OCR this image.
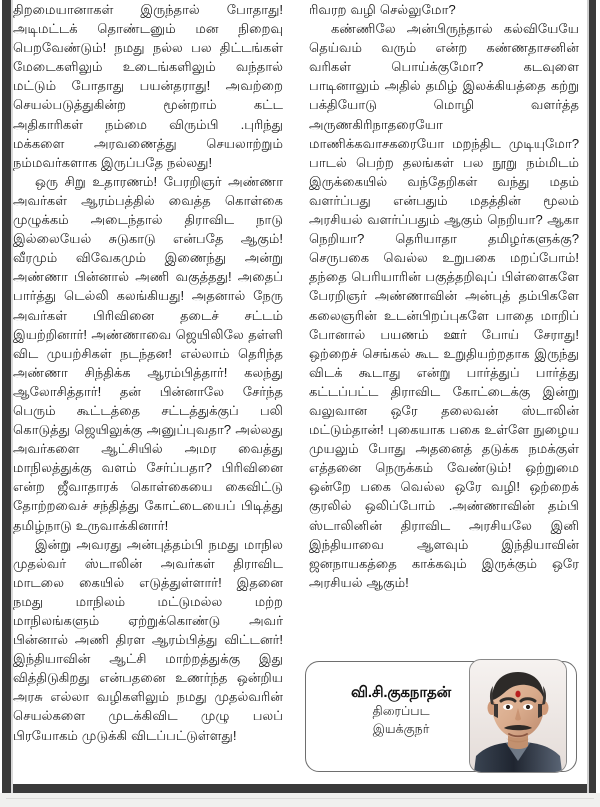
திறமையானாகள் இருந்தால் போதாது! அடிமட்டக் தொண்டனும் மன நிறைவு பெறவேண்டும்! நமது நல்ல பல திட்டங்கள் மேடைகளிலும் உடைங்களிலும் வந்தால் மட்டும் போதாது பயன்தராது! அவற்றை செயல்படுத்துகின்ற மூன்றாம் கட்ட அதிகாரிகள் நம்மை விரும்பி .புரிந்து மக்களை அரவணைத்து செயலாற்றும் நம்மவர்களாக இருப்பதே நல்லது!

ஒரு சிறு உதாரணம்! பேரறிஞர் அண்ணா அவர்கள் ஆரம்பத்தில் வைத்த கொள்கை முழுக்கம் அடைந்தால் திராவிட நாடு இல்லையேல் சுடுகாடு என்பதே ஆகும்! வீரமும் விவேகமும் இணைந்து அன்று அண்ணா பின்னால் அணி வகுத்தது! அதைப் பார்த்து டெல்லி கலங்கியது! அதனால் நேரு அவர்கள் பிரிவினை தடைச் சட்டம் இயற்றினார்! அண்ணாவை ஜெயிலிலே தள்ளி விட முயற்சிகள் நடந்தன! எல்லாம் தெரிந்த அண்ணா சிந்திக்க ஆரம்பித்தார்! கலந்து ஆலோசித்தார்! தன் பின்னாலே சேர்ந்த பெரும் கூட்டத்தை சட்டத்துக்குப் பலி கொடுத்து ஜெயிலுக்கு அனுப்புவதா? அல்லது அவர்களை ஆட்சியில் அமர வைத்து மாநிலத்துக்கு வளம் சேர்ப்பதா? பிரிவினை என்ற ஜீவாதாரக் கொள்கையை கைவிட்டு தோற்றவைச் சந்தித்து கோட்டையைப் பிடித்து தமிழ்நாடு உருவாக்கினார்!

இன்று அவரது அன்புத்தம்பி நமது மாநில முதல்வர் ஸ்டாலின் அவர்கள் திராவிட மாடலை கையில் எடுத்துள்ளார்! இதனை நமது மாநிலம் மட்டுமல்ல மற்ற மாநிலங்களும் ஏற்றுக்கொண்டு அவர் பின்னால் அணி திரள ஆரம்பித்து விட்டனர்! இந்தியாவின் ஆட்சி மாற்றத்துக்கு இது வித்திடுகிறது என்பதனை உணர்ந்த ஒன்றிய அரசு எல்லா வழிகளிலும் நமது முதல்வரின் செயல்களை முடக்கிவிட முழு பலப் பிரயோகம் முடுக்கி விடப்பட்டுள்ளது!

ரிவரற வழி செல்லுமோ?

கண்ணிலே அன்பிருந்தால் கல்வியேயே தெய்வம் வரும் என்ற கண்ணதாசனின் வரிகள் பொய்க்குமோ? கடவுளை பாடினாலும் அதில் தமிழ் இலக்கியத்தை கற்று பக்தியோடு மொழி வளர்த்த அருணகிரிநாதரையோ மாணிக்கவாசகரையோ மறந்திட முடியுமோ? பாடல் பெற்ற தலங்கள் பல நூறு நம்மிடம் இருக்கையில் வந்தேறிகள் வந்து மதம் வளர்ப்பது என்பதும் மதத்தின் மூலம் அரசியல் வளர்ப்பதும் ஆகும் நெறியா? ஆகா நெறியா? தெரியாதா தமிழர்களுக்கு? செருபகை வெல்ல உறுபகை மறப்போம்! தந்தை பெரியாரின் பகுத்தறிவுப் பிள்ளைகளே பேரறிஞர் அண்ணாவின் அன்புத் தம்பிகளே கலைஞரின் உடன்பிறப்புகளே பாதை மாறிப் போனால் பயணம் ஊர் போய் சேராது! ஒற்றைச் செங்கல் கூட உறுதியற்றதாக இருந்து விடக் கூடாது என்று பார்த்துப் பார்த்து கட்டப்பட்ட திராவிட கோட்டைக்கு இன்று வலுவான ஒரே தலைவன் ஸ்டாலின் மட்டும்தான்! புகையாக பகை உள்ளே நுழைய முயலும் போது அதனைத் தடுக்க நமக்குள் எத்தனை நெருக்கம் வேண்டும்! ஒற்றுமை ஒன்றே பகை வெல்ல ஒரே வழி! ஒற்றைக் குரலில் ஒலிப்போம் .அண்ணாவின் தம்பி ஸ்டாலினின் திராவிட அரசியலே இனி இந்தியாவை ஆளவும் இந்தியாவின் ஜனநாயகத்தை காக்கவும் இருக்கும் ஒரே அரசியல் ஆகும்!

வி.சி.குகநாதன்
திரைப்பட
இயக்குநர்
